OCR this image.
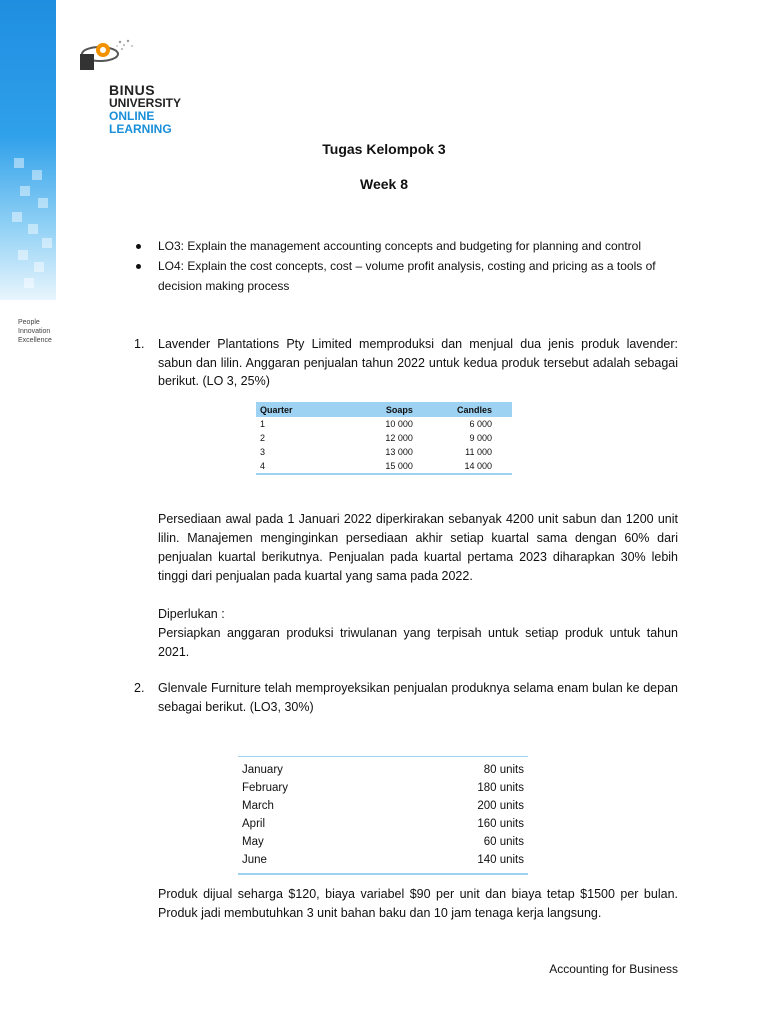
People
Innovation
Excellence
BINUS
UNIVERSITY
ONLINE
LEARNING
Tugas Kelompok 3
Week 8
LO3: Explain the management accounting concepts and budgeting for planning and control
LO4: Explain the cost concepts, cost – volume profit analysis, costing and pricing as a tools of decision making process
1. Lavender Plantations Pty Limited memproduksi dan menjual dua jenis produk lavender: sabun dan lilin. Anggaran penjualan tahun 2022 untuk kedua produk tersebut adalah sebagai berikut. (LO 3, 25%)
Quarter	Soaps	Candles
1	10 000	6 000
2	12 000	9 000
3	13 000	11 000
4	15 000	14 000
Persediaan awal pada 1 Januari 2022 diperkirakan sebanyak 4200 unit sabun dan 1200 unit lilin. Manajemen menginginkan persediaan akhir setiap kuartal sama dengan 60% dari penjualan kuartal berikutnya. Penjualan pada kuartal pertama 2023 diharapkan 30% lebih tinggi dari penjualan pada kuartal yang sama pada 2022.
Diperlukan :
Persiapkan anggaran produksi triwulanan yang terpisah untuk setiap produk untuk tahun 2021.
2. Glenvale Furniture telah memproyeksikan penjualan produknya selama enam bulan ke depan sebagai berikut. (LO3, 30%)
January	80 units
February	180 units
March	200 units
April	160 units
May	60 units
June	140 units
Produk dijual seharga $120, biaya variabel $90 per unit dan biaya tetap $1500 per bulan. Produk jadi membutuhkan 3 unit bahan baku dan 10 jam tenaga kerja langsung.
Accounting for Business
